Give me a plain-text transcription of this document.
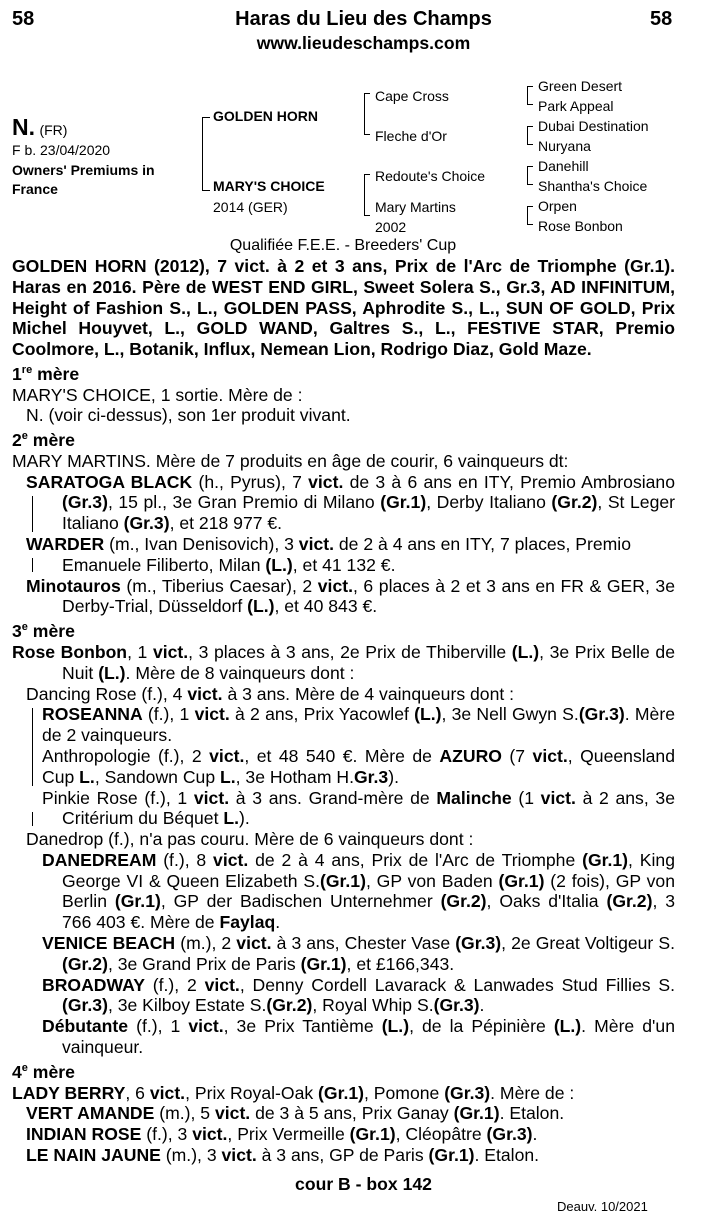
58	Haras du Lieu des Champs	58
www.lieudeschamps.com
N. (FR)
F b. 23/04/2020
Owners' Premiums in
France
GOLDEN HORN
MARY'S CHOICE
2014 (GER)
Cape Cross
Fleche d'Or
Redoute's Choice
Mary Martins
2002
Green Desert
Park Appeal
Dubai Destination
Nuryana
Danehill
Shantha's Choice
Orpen
Rose Bonbon
Qualifiée F.E.E. - Breeders' Cup

GOLDEN HORN (2012), 7 vict. à 2 et 3 ans, Prix de l'Arc de Triomphe (Gr.1). Haras en 2016. Père de WEST END GIRL, Sweet Solera S., Gr.3, AD INFINITUM, Height of Fashion S., L., GOLDEN PASS, Aphrodite S., L., SUN OF GOLD, Prix Michel Houyvet, L., GOLD WAND, Galtres S., L., FESTIVE STAR, Premio Coolmore, L., Botanik, Influx, Nemean Lion, Rodrigo Diaz, Gold Maze.

1re mère

MARY'S CHOICE, 1 sortie. Mère de :

N. (voir ci-dessus), son 1er produit vivant.

2e mère

MARY MARTINS. Mère de 7 produits en âge de courir, 6 vainqueurs dt:

SARATOGA BLACK (h., Pyrus), 7 vict. de 3 à 6 ans en ITY, Premio Ambrosiano (Gr.3), 15 pl., 3e Gran Premio di Milano (Gr.1), Derby Italiano (Gr.2), St Leger Italiano (Gr.3), et 218 977 €.

WARDER (m., Ivan Denisovich), 3 vict. de 2 à 4 ans en ITY, 7 places, Premio Emanuele Filiberto, Milan (L.), et 41 132 €.

Minotauros (m., Tiberius Caesar), 2 vict., 6 places à 2 et 3 ans en FR & GER, 3e Derby-Trial, Düsseldorf (L.), et 40 843 €.

3e mère

Rose Bonbon, 1 vict., 3 places à 3 ans, 2e Prix de Thiberville (L.), 3e Prix Belle de Nuit (L.). Mère de 8 vainqueurs dont :

Dancing Rose (f.), 4 vict. à 3 ans. Mère de 4 vainqueurs dont :

ROSEANNA (f.), 1 vict. à 2 ans, Prix Yacowlef (L.), 3e Nell Gwyn S.(Gr.3). Mère de 2 vainqueurs.

Anthropologie (f.), 2 vict., et 48 540 €. Mère de AZURO (7 vict., Queensland Cup L., Sandown Cup L., 3e Hotham H.Gr.3).

Pinkie Rose (f.), 1 vict. à 3 ans. Grand-mère de Malinche (1 vict. à 2 ans, 3e Critérium du Béquet L.).

Danedrop (f.), n'a pas couru. Mère de 6 vainqueurs dont :

DANEDREAM (f.), 8 vict. de 2 à 4 ans, Prix de l'Arc de Triomphe (Gr.1), King George VI & Queen Elizabeth S.(Gr.1), GP von Baden (Gr.1) (2 fois), GP von Berlin (Gr.1), GP der Badischen Unternehmer (Gr.2), Oaks d'Italia (Gr.2), 3 766 403 €. Mère de Faylaq.

VENICE BEACH (m.), 2 vict. à 3 ans, Chester Vase (Gr.3), 2e Great Voltigeur S.(Gr.2), 3e Grand Prix de Paris (Gr.1), et £166,343.

BROADWAY (f.), 2 vict., Denny Cordell Lavarack & Lanwades Stud Fillies S.(Gr.3), 3e Kilboy Estate S.(Gr.2), Royal Whip S.(Gr.3).

Débutante (f.), 1 vict., 3e Prix Tantième (L.), de la Pépinière (L.). Mère d'un vainqueur.

4e mère

LADY BERRY, 6 vict., Prix Royal-Oak (Gr.1), Pomone (Gr.3). Mère de :

VERT AMANDE (m.), 5 vict. de 3 à 5 ans, Prix Ganay (Gr.1). Etalon.

INDIAN ROSE (f.), 3 vict., Prix Vermeille (Gr.1), Cléopâtre (Gr.3).

LE NAIN JAUNE (m.), 3 vict. à 3 ans, GP de Paris (Gr.1). Etalon.

cour B - box 142
Deauv. 10/2021
